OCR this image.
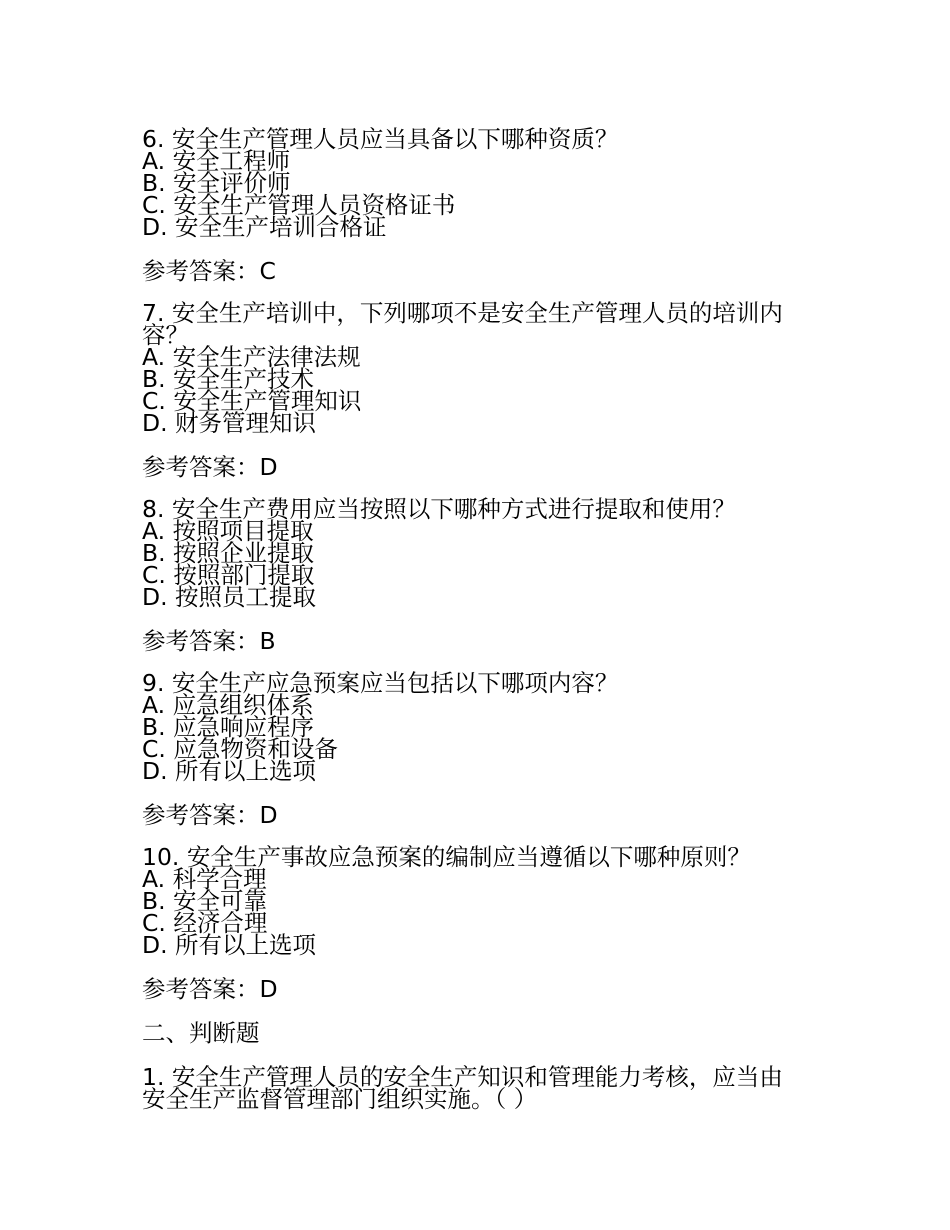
6. 安全生产管理人员应当具备以下哪种资质？
A. 安全工程师
B. 安全评价师
C. 安全生产管理人员资格证书
D. 安全生产培训合格证
参考答案：C
7. 安全生产培训中，下列哪项不是安全生产管理人员的培训内容？
A. 安全生产法律法规
B. 安全生产技术
C. 安全生产管理知识
D. 财务管理知识
参考答案：D
8. 安全生产费用应当按照以下哪种方式进行提取和使用？
A. 按照项目提取
B. 按照企业提取
C. 按照部门提取
D. 按照员工提取
参考答案：B
9. 安全生产应急预案应当包括以下哪项内容？
A. 应急组织体系
B. 应急响应程序
C. 应急物资和设备
D. 所有以上选项
参考答案：D
10. 安全生产事故应急预案的编制应当遵循以下哪种原则？
A. 科学合理
B. 安全可靠
C. 经济合理
D. 所有以上选项
参考答案：D
二、判断题
1. 安全生产管理人员的安全生产知识和管理能力考核，应当由安全生产监督管理部门组织实施。（ ）
